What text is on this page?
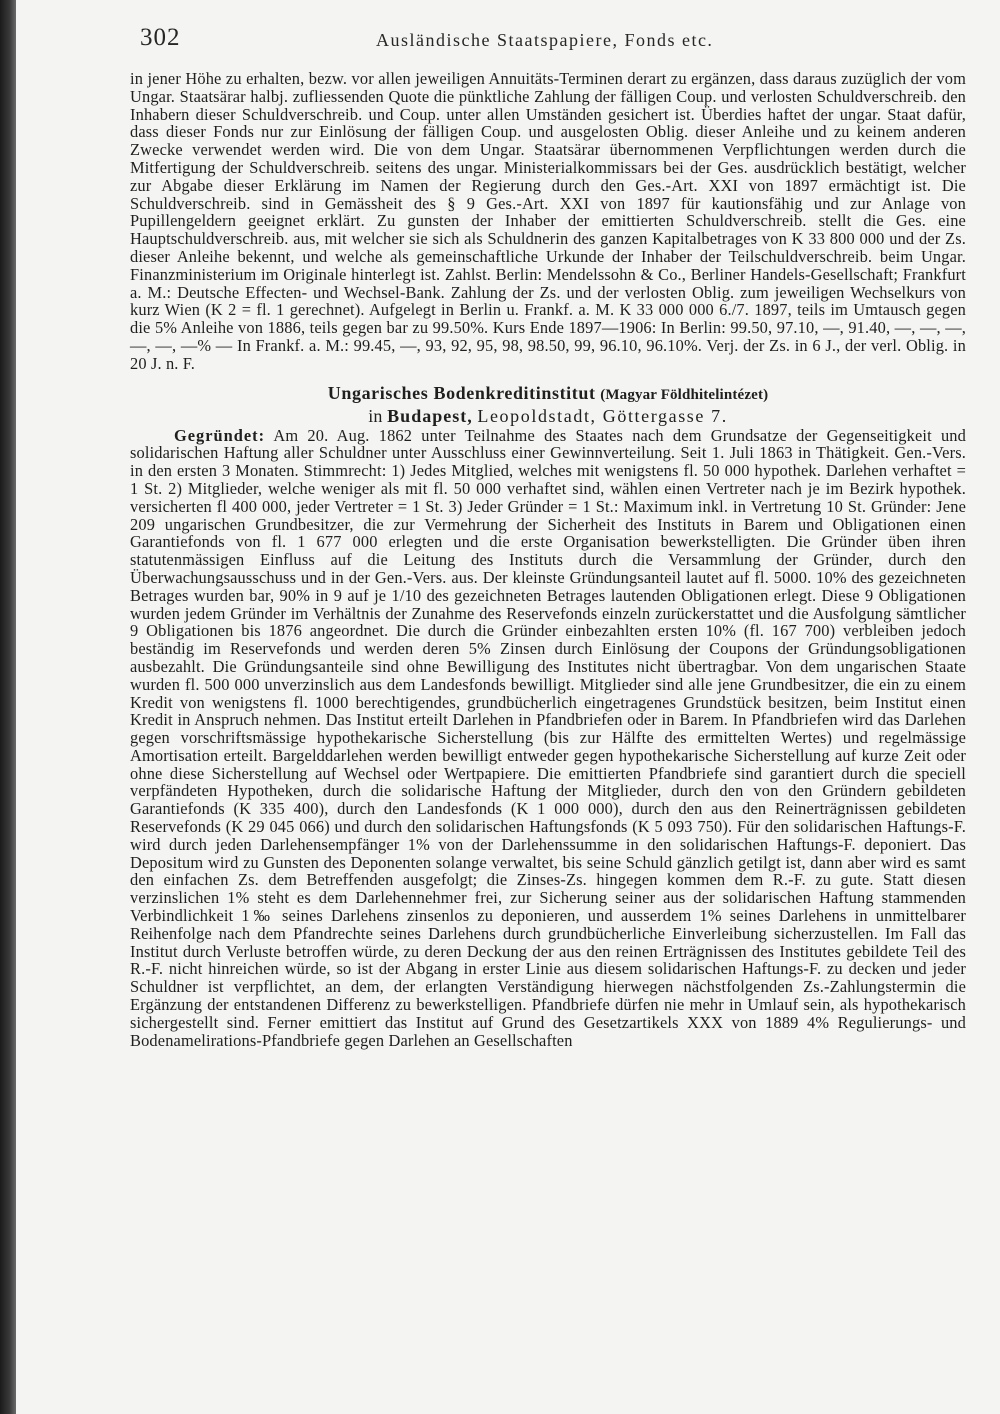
302	Ausländische Staatspapiere, Fonds etc.

in jener Höhe zu erhalten, bezw. vor allen jeweiligen Annuitäts-Terminen derart zu ergänzen, dass daraus zuzüglich der vom Ungar. Staatsärar halbj. zufliessenden Quote die pünktliche Zahlung der fälligen Coup. und verlosten Schuldverschreib. den Inhabern dieser Schuldverschreib. und Coup. unter allen Umständen gesichert ist. Überdies haftet der ungar. Staat dafür, dass dieser Fonds nur zur Einlösung der fälligen Coup. und ausgelosten Oblig. dieser Anleihe und zu keinem anderen Zwecke verwendet werden wird. Die von dem Ungar. Staatsärar übernommenen Verpflichtungen werden durch die Mitfertigung der Schuldverschreib. seitens des ungar. Ministerialkommissars bei der Ges. ausdrücklich bestätigt, welcher zur Abgabe dieser Erklärung im Namen der Regierung durch den Ges.-Art. XXI von 1897 ermächtigt ist. Die Schuldverschreib. sind in Gemässheit des § 9 Ges.-Art. XXI von 1897 für kautionsfähig und zur Anlage von Pupillengeldern geeignet erklärt. Zu gunsten der Inhaber der emittierten Schuldverschreib. stellt die Ges. eine Hauptschuldverschreib. aus, mit welcher sie sich als Schuldnerin des ganzen Kapitalbetrages von K 33 800 000 und der Zs. dieser Anleihe bekennt, und welche als gemeinschaftliche Urkunde der Inhaber der Teilschuldverschreib. beim Ungar. Finanzministerium im Originale hinterlegt ist. Zahlst. Berlin: Mendelssohn & Co., Berliner Handels-Gesellschaft; Frankfurt a. M.: Deutsche Effecten- und Wechsel-Bank. Zahlung der Zs. und der verlosten Oblig. zum jeweiligen Wechselkurs von kurz Wien (K 2 = fl. 1 gerechnet). Aufgelegt in Berlin u. Frankf. a. M. K 33 000 000 6./7. 1897, teils im Umtausch gegen die 5% Anleihe von 1886, teils gegen bar zu 99.50%. Kurs Ende 1897—1906: In Berlin: 99.50, 97.10, —, 91.40, —, —, —, —, —, —% — In Frankf. a. M.: 99.45, —, 93, 92, 95, 98, 98.50, 99, 96.10, 96.10%. Verj. der Zs. in 6 J., der verl. Oblig. in 20 J. n. F.

Ungarisches Bodenkreditinstitut (Magyar Földhitelintézet)

in Budapest, Leopoldstadt, Göttergasse 7.

Gegründet: Am 20. Aug. 1862 unter Teilnahme des Staates nach dem Grundsatze der Gegenseitigkeit und solidarischen Haftung aller Schuldner unter Ausschluss einer Gewinnverteilung. Seit 1. Juli 1863 in Thätigkeit. Gen.-Vers. in den ersten 3 Monaten. Stimmrecht: 1) Jedes Mitglied, welches mit wenigstens fl. 50 000 hypothek. Darlehen verhaftet = 1 St. 2) Mitglieder, welche weniger als mit fl. 50 000 verhaftet sind, wählen einen Vertreter nach je im Bezirk hypothek. versicherten fl 400 000, jeder Vertreter = 1 St. 3) Jeder Gründer = 1 St.: Maximum inkl. in Vertretung 10 St. Gründer: Jene 209 ungarischen Grundbesitzer, die zur Vermehrung der Sicherheit des Instituts in Barem und Obligationen einen Garantiefonds von fl. 1 677 000 erlegten und die erste Organisation bewerkstelligten. Die Gründer üben ihren statutenmässigen Einfluss auf die Leitung des Instituts durch die Versammlung der Gründer, durch den Überwachungsausschuss und in der Gen.-Vers. aus. Der kleinste Gründungsanteil lautet auf fl. 5000. 10% des gezeichneten Betrages wurden bar, 90% in 9 auf je 1/10 des gezeichneten Betrages lautenden Obligationen erlegt. Diese 9 Obligationen wurden jedem Gründer im Verhältnis der Zunahme des Reservefonds einzeln zurückerstattet und die Ausfolgung sämtlicher 9 Obligationen bis 1876 angeordnet. Die durch die Gründer einbezahlten ersten 10% (fl. 167 700) verbleiben jedoch beständig im Reservefonds und werden deren 5% Zinsen durch Einlösung der Coupons der Gründungsobligationen ausbezahlt. Die Gründungsanteile sind ohne Bewilligung des Institutes nicht übertragbar. Von dem ungarischen Staate wurden fl. 500 000 unverzinslich aus dem Landesfonds bewilligt. Mitglieder sind alle jene Grundbesitzer, die ein zu einem Kredit von wenigstens fl. 1000 berechtigendes, grundbücherlich eingetragenes Grundstück besitzen, beim Institut einen Kredit in Anspruch nehmen. Das Institut erteilt Darlehen in Pfandbriefen oder in Barem. In Pfandbriefen wird das Darlehen gegen vorschriftsmässige hypothekarische Sicherstellung (bis zur Hälfte des ermittelten Wertes) und regelmässige Amortisation erteilt. Bargelddarlehen werden bewilligt entweder gegen hypothekarische Sicherstellung auf kurze Zeit oder ohne diese Sicherstellung auf Wechsel oder Wertpapiere. Die emittierten Pfandbriefe sind garantiert durch die speciell verpfändeten Hypotheken, durch die solidarische Haftung der Mitglieder, durch den von den Gründern gebildeten Garantiefonds (K 335 400), durch den Landesfonds (K 1 000 000), durch den aus den Reinerträgnissen gebildeten Reservefonds (K 29 045 066) und durch den solidarischen Haftungsfonds (K 5 093 750). Für den solidarischen Haftungs-F. wird durch jeden Darlehensempfänger 1% von der Darlehenssumme in den solidarischen Haftungs-F. deponiert. Das Depositum wird zu Gunsten des Deponenten solange verwaltet, bis seine Schuld gänzlich getilgt ist, dann aber wird es samt den einfachen Zs. dem Betreffenden ausgefolgt; die Zinses-Zs. hingegen kommen dem R.-F. zu gute. Statt diesen verzinslichen 1% steht es dem Darlehennehmer frei, zur Sicherung seiner aus der solidarischen Haftung stammenden Verbindlichkeit 1‰ seines Darlehens zinsenlos zu deponieren, und ausserdem 1% seines Darlehens in unmittelbarer Reihenfolge nach dem Pfandrechte seines Darlehens durch grundbücherliche Einverleibung sicherzustellen. Im Fall das Institut durch Verluste betroffen würde, zu deren Deckung der aus den reinen Erträgnissen des Institutes gebildete Teil des R.-F. nicht hinreichen würde, so ist der Abgang in erster Linie aus diesem solidarischen Haftungs-F. zu decken und jeder Schuldner ist verpflichtet, an dem, der erlangten Verständigung hierwegen nächstfolgenden Zs.-Zahlungstermin die Ergänzung der entstandenen Differenz zu bewerkstelligen. Pfandbriefe dürfen nie mehr in Umlauf sein, als hypothekarisch sichergestellt sind. Ferner emittiert das Institut auf Grund des Gesetzartikels XXX von 1889 4% Regulierungs- und Bodenamelirations-Pfandbriefe gegen Darlehen an Gesellschaften
